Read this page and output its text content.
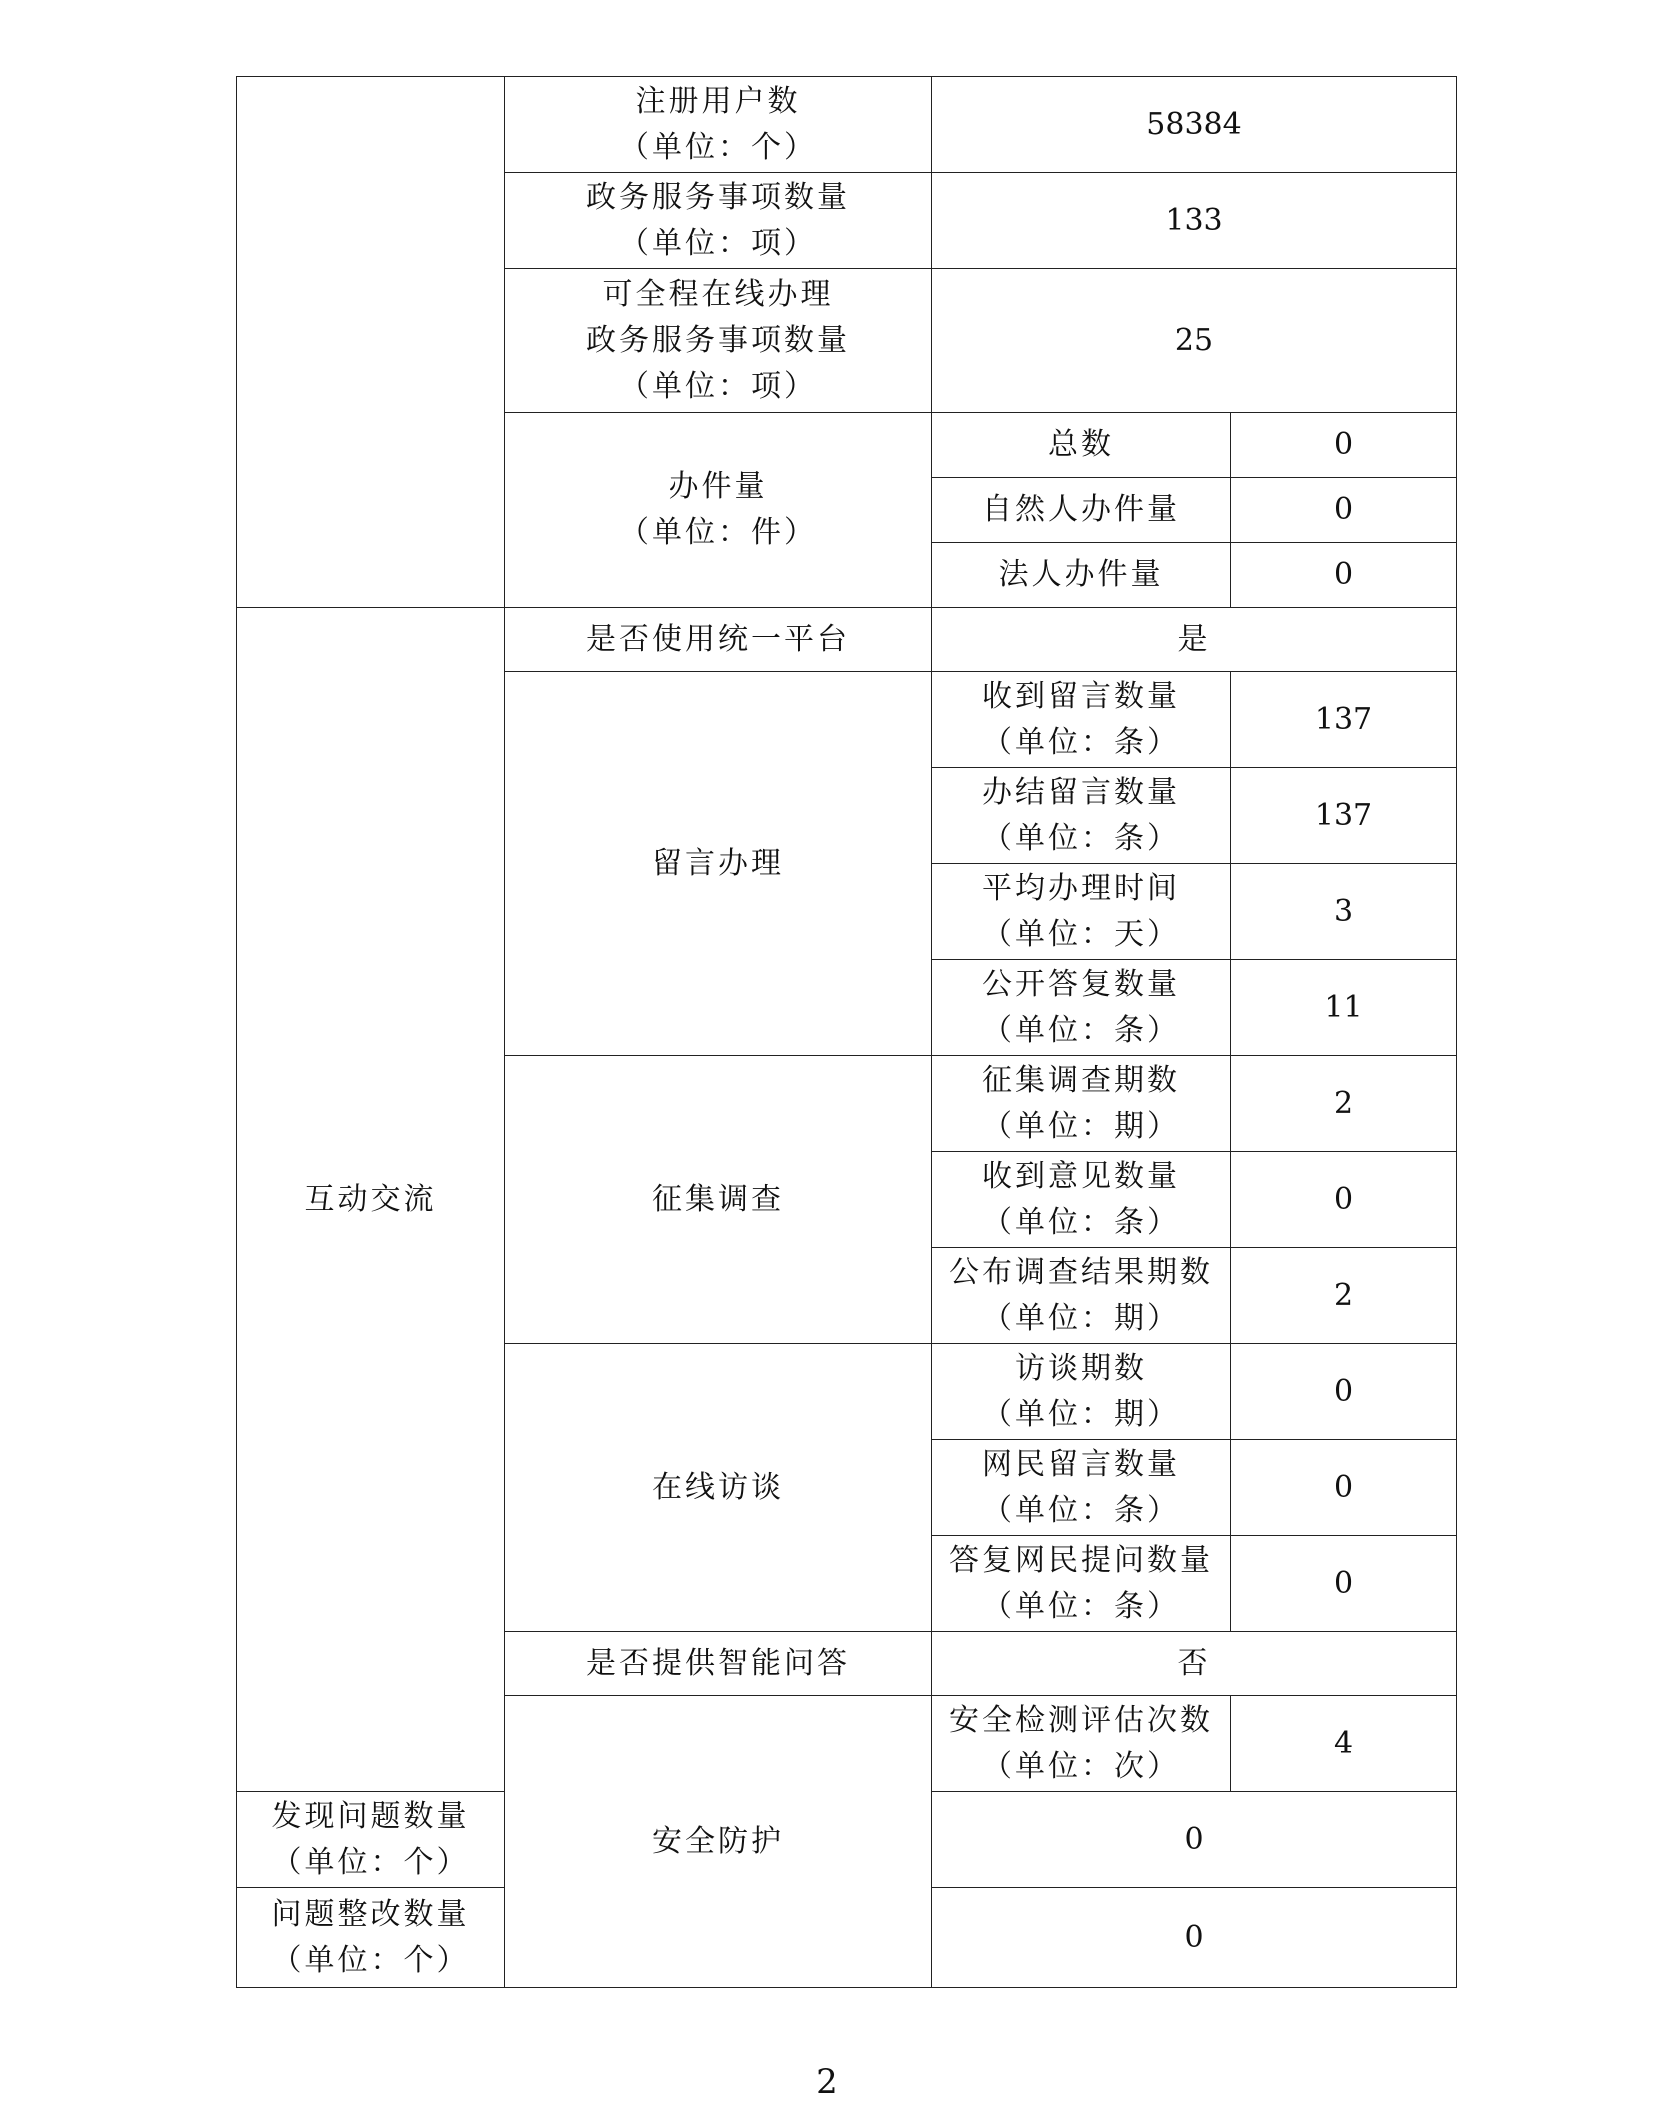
	注册用户数
（单位：个）	58384	

	政务服务事项数量
（单位：项）	133	

	可全程在线办理
政务服务事项数量
（单位：项）	25	

	办件量
（单位：件）	总数	0
		自然人办件量	0
		法人办件量	0
互动交流	是否使用统一平台	是	
	留言办理	收到留言数量
（单位：条）	137

		办结留言数量
（单位：条）	137

		平均办理时间
（单位：天）	3

		公开答复数量
（单位：条）	11
	征集调查	征集调查期数
（单位：期）	2

		收到意见数量
（单位：条）	0

		公布调查结果期数
（单位：期）	2
	在线访谈	访谈期数
（单位：期）	0

		网民留言数量
（单位：条）	0

		答复网民提问数量
（单位：条）	0
	是否提供智能问答	否	
	安全防护	安全检测评估次数
（单位：次）	4

发现问题数量
（单位：个）		0	

问题整改数量
（单位：个）		0	
2
